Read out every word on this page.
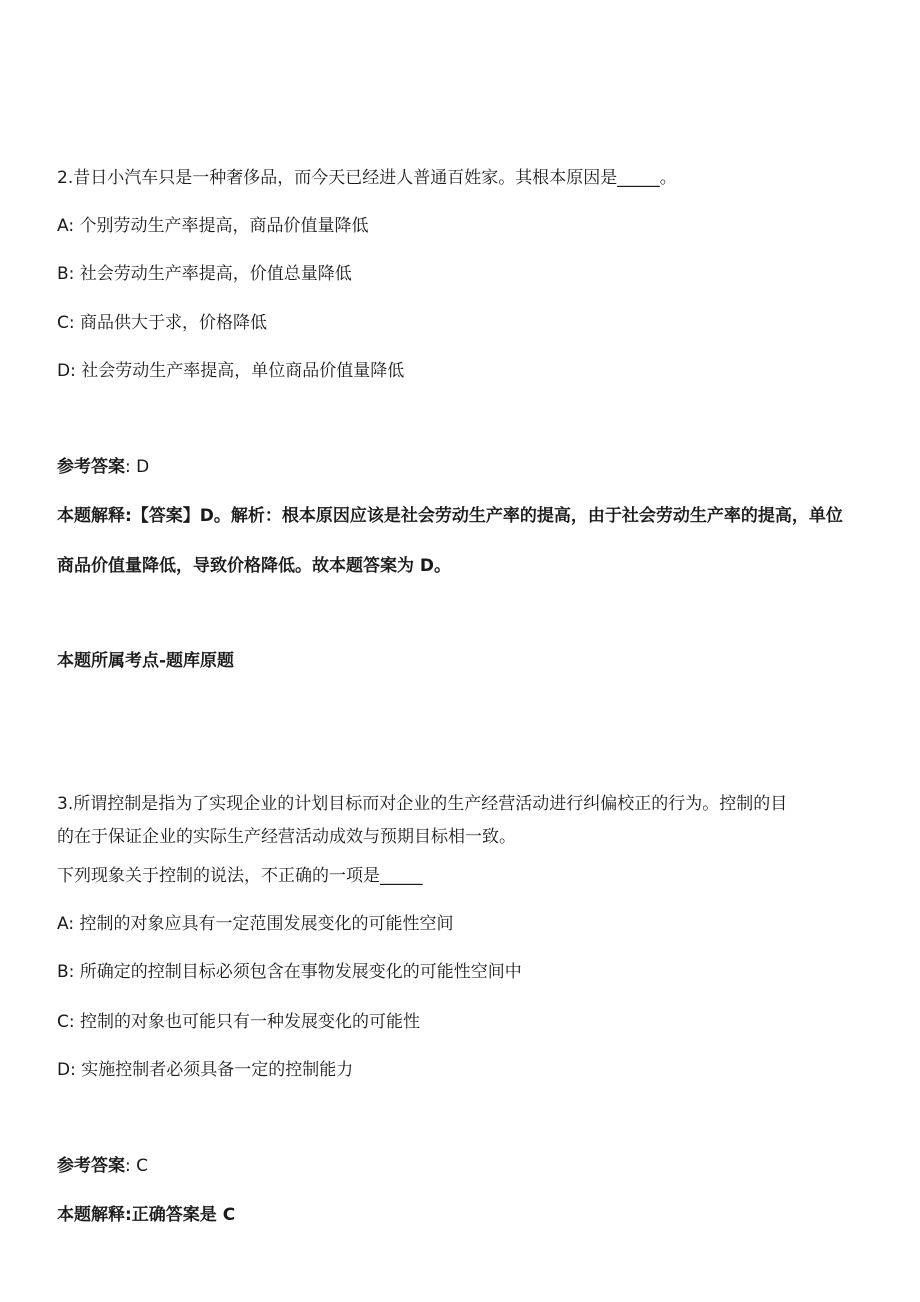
2.昔日小汽车只是一种奢侈品，而今天已经进人普通百姓家。其根本原因是_____。
A: 个别劳动生产率提高，商品价值量降低
B: 社会劳动生产率提高，价值总量降低
C: 商品供大于求，价格降低
D: 社会劳动生产率提高，单位商品价值量降低
参考答案: D
本题解释:【答案】D。解析：根本原因应该是社会劳动生产率的提高，由于社会劳动生产率的提高，单位商品价值量降低，导致价格降低。故本题答案为 D。
本题所属考点-题库原题
3.所谓控制是指为了实现企业的计划目标而对企业的生产经营活动进行纠偏校正的行为。控制的目
的在于保证企业的实际生产经营活动成效与预期目标相一致。
下列现象关于控制的说法，不正确的一项是_____
A: 控制的对象应具有一定范围发展变化的可能性空间
B: 所确定的控制目标必须包含在事物发展变化的可能性空间中
C: 控制的对象也可能只有一种发展变化的可能性
D: 实施控制者必须具备一定的控制能力
参考答案: C
本题解释:正确答案是 C
